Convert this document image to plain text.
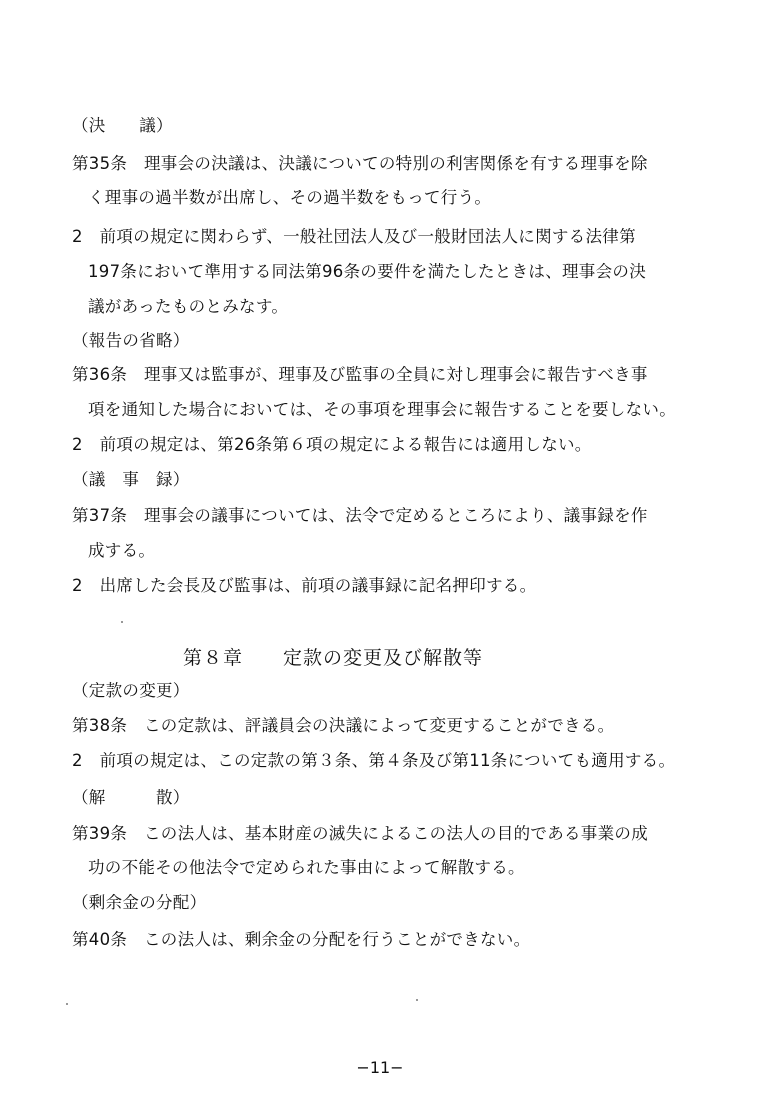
（決　　議）
第35条　理事会の決議は、決議についての特別の利害関係を有する理事を除
く理事の過半数が出席し、その過半数をもって行う。
2　前項の規定に関わらず、一般社団法人及び一般財団法人に関する法律第
197条において準用する同法第96条の要件を満たしたときは、理事会の決
議があったものとみなす。
（報告の省略）
第36条　理事又は監事が、理事及び監事の全員に対し理事会に報告すべき事
項を通知した場合においては、その事項を理事会に報告することを要しない。
2　前項の規定は、第26条第６項の規定による報告には適用しない。
（議　事　録）
第37条　理事会の議事については、法令で定めるところにより、議事録を作
成する。
2　出席した会長及び監事は、前項の議事録に記名押印する。
第８章　　定款の変更及び解散等
（定款の変更）
第38条　この定款は、評議員会の決議によって変更することができる。
2　前項の規定は、この定款の第３条、第４条及び第11条についても適用する。
（解　　　散）
第39条　この法人は、基本財産の滅失によるこの法人の目的である事業の成
功の不能その他法令で定められた事由によって解散する。
（剰余金の分配）
第40条　この法人は、剰余金の分配を行うことができない。
−11−
